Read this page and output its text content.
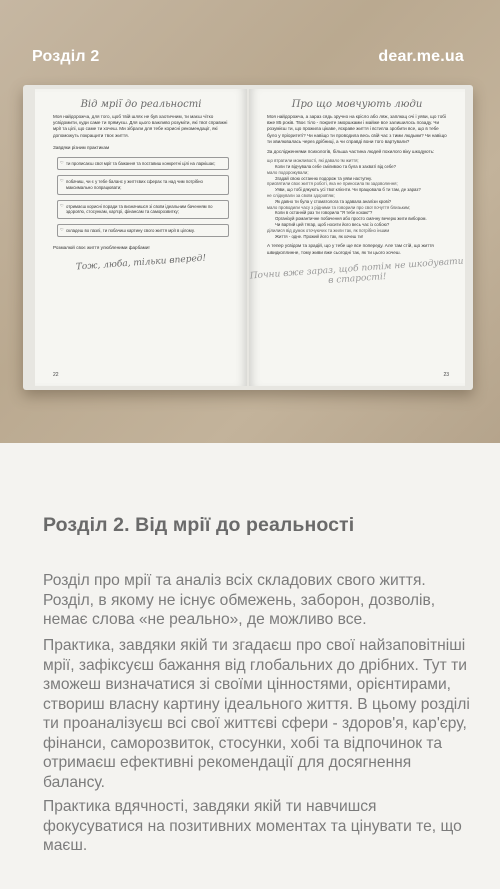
Розділ 2	dear.me.ua
Від мрії до реальності
Моя найдорожча, для того, щоб твій шлях не був хаотичним, ти маєш чітко усвідомити, куди саме ти прямуєш. Для цього важливо розуміти, які твої справжні мрії та цілі, що саме ти хочеш. Ми зібрали для тебе корисні рекомендації, які допоможуть покращити твоє життя.
Завдяки різним практикам
♡ ти прописаєш свої мрії та бажання та поставиш конкретні цілі на ларкішає;
♡ побачиш, чи є у тебе баланс у життєвих сферах та над чим потрібно максимально попрацювати;
♡ отримаєш корисні поради та визначишся зі своїм ідеальним баченням по здоров'ю, стосункам, кар'єрі, фінансам та саморозвитку;
♡ складеш во пазлі, ти побачиш картину свого життя мрії в цілому.
Розмалюй своє життя улюбленими фарбами!
Тож, люба, тільки вперед!
22
Про що мовчують люди
Моя найдорожча, а зараз сядь зручно на крісло або ляж, заплющ очі і уяви, що тобі вже 85 років. Твоє тіло - покрите зморшками і майже все залишилось позаду. Чи розумієш ти, що прожила цікаве, яскраве життя і встигла зробити все, що в тебе було у пріоритеті? Чи навіщо ти проводила весь свій час з тими людьми? Чи навіщо ти хвилювалась через дрібниці, а чи справді вони того вартували?
За дослідженнями психологів, більша частина людей похилого віку шкодують:
що втратили можливості, які давало їм життя;
Коли ти відчувала себе сміливою та була в захваті від себе?
мало подорожували;
Згадай свою останню подорож та уяви наступну.
присвятили своє життя роботі, яка не приносила їм задоволення;
Уяви, що тобі дякують усі твої клієнти. Чи працювала б ти там, де зараз?
не слідкували за своїм здоров'ям;
Як давно ти була у стоматолога та здавала аналізи крові?
мало проводили часу з рідними та говорили про свої почуття близьким;
Коли в останній раз ти говорила "Я тебе кохаю"?
Організуй романтичне побачення або просто смачну вечерю жити вибором.
Чи вартий цей тягар, щоб носити його весь час із собою?
ділилися від думок оточуючих та жили так, як потрібно іншим
Життя - одне. Прожий його так, як хочеш ти!
А тепер усвідом та зрадій, що у тебе ще все попереду. Але там стій, що життя швидкоплинне, тому живи вже сьогодні так, як ти цього хочеш.
Почни вже зараз, щоб потім не шкодувати в старості!
23
Розділ 2. Від мрії до реальності

Розділ про мрії та аналіз всіх складових свого життя. Розділ, в якому не існує обмежень, заборон, дозволів, немає слова «не реально», де можливо все.

Практика, завдяки якій ти згадаєш про свої найзаповітніші мрії, зафіксуєш бажання від глобальних до дрібних. Тут ти зможеш визначатися зі своїми цінностями, орієнтирами, створиш власну картину ідеального життя. В цьому розділі ти проаналізуєш всі свої життєві сфери - здоров'я, кар'єру, фінанси, саморозвиток, стосунки, хобі та відпочинок та отримаєш ефективні рекомендації для досягнення балансу.

Практика вдячності, завдяки якій ти навчишся фокусуватися на позитивних моментах та цінувати те, що маєш.
